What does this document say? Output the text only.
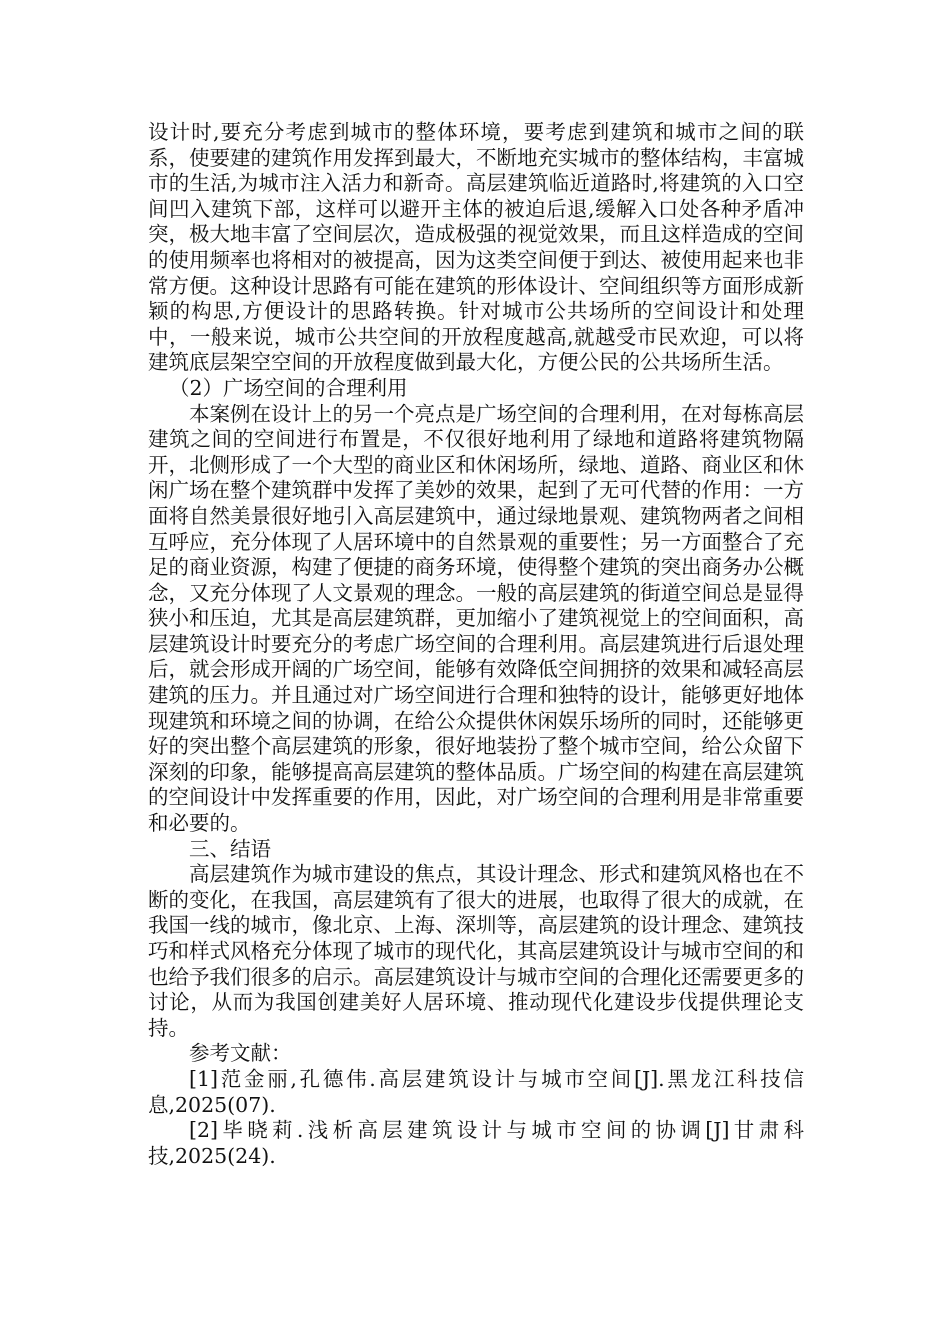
设计时,要充分考虑到城市的整体环境，要考虑到建筑和城市之间的联系，使要建的建筑作用发挥到最大，不断地充实城市的整体结构，丰富城市的生活,为城市注入活力和新奇。高层建筑临近道路时,将建筑的入口空间凹入建筑下部，这样可以避开主体的被迫后退,缓解入口处各种矛盾冲突，极大地丰富了空间层次，造成极强的视觉效果，而且这样造成的空间的使用频率也将相对的被提高，因为这类空间便于到达、被使用起来也非常方便。这种设计思路有可能在建筑的形体设计、空间组织等方面形成新颖的构思,方便设计的思路转换。针对城市公共场所的空间设计和处理中，一般来说，城市公共空间的开放程度越高,就越受市民欢迎，可以将建筑底层架空空间的开放程度做到最大化，方便公民的公共场所生活。

（2）广场空间的合理利用

本案例在设计上的另一个亮点是广场空间的合理利用，在对每栋高层建筑之间的空间进行布置是，不仅很好地利用了绿地和道路将建筑物隔开，北侧形成了一个大型的商业区和休闲场所，绿地、道路、商业区和休闲广场在整个建筑群中发挥了美妙的效果，起到了无可代替的作用：一方面将自然美景很好地引入高层建筑中，通过绿地景观、建筑物两者之间相互呼应，充分体现了人居环境中的自然景观的重要性；另一方面整合了充足的商业资源，构建了便捷的商务环境，使得整个建筑的突出商务办公概念，又充分体现了人文景观的理念。一般的高层建筑的街道空间总是显得狭小和压迫，尤其是高层建筑群，更加缩小了建筑视觉上的空间面积，高层建筑设计时要充分的考虑广场空间的合理利用。高层建筑进行后退处理后，就会形成开阔的广场空间，能够有效降低空间拥挤的效果和减轻高层建筑的压力。并且通过对广场空间进行合理和独特的设计，能够更好地体现建筑和环境之间的协调，在给公众提供休闲娱乐场所的同时，还能够更好的突出整个高层建筑的形象，很好地装扮了整个城市空间，给公众留下深刻的印象，能够提高高层建筑的整体品质。广场空间的构建在高层建筑的空间设计中发挥重要的作用，因此，对广场空间的合理利用是非常重要和必要的。

三、结语

高层建筑作为城市建设的焦点，其设计理念、形式和建筑风格也在不断的变化，在我国，高层建筑有了很大的进展，也取得了很大的成就，在我国一线的城市，像北京、上海、深圳等，高层建筑的设计理念、建筑技巧和样式风格充分体现了城市的现代化，其高层建筑设计与城市空间的和也给予我们很多的启示。高层建筑设计与城市空间的合理化还需要更多的讨论，从而为我国创建美好人居环境、推动现代化建设步伐提供理论支持。

参考文献：

[1]范金丽,孔德伟.高层建筑设计与城市空间[J].黑龙江科技信息,2025(07).

[2]毕晓莉.浅析高层建筑设计与城市空间的协调[J]甘肃科技,2025(24).
